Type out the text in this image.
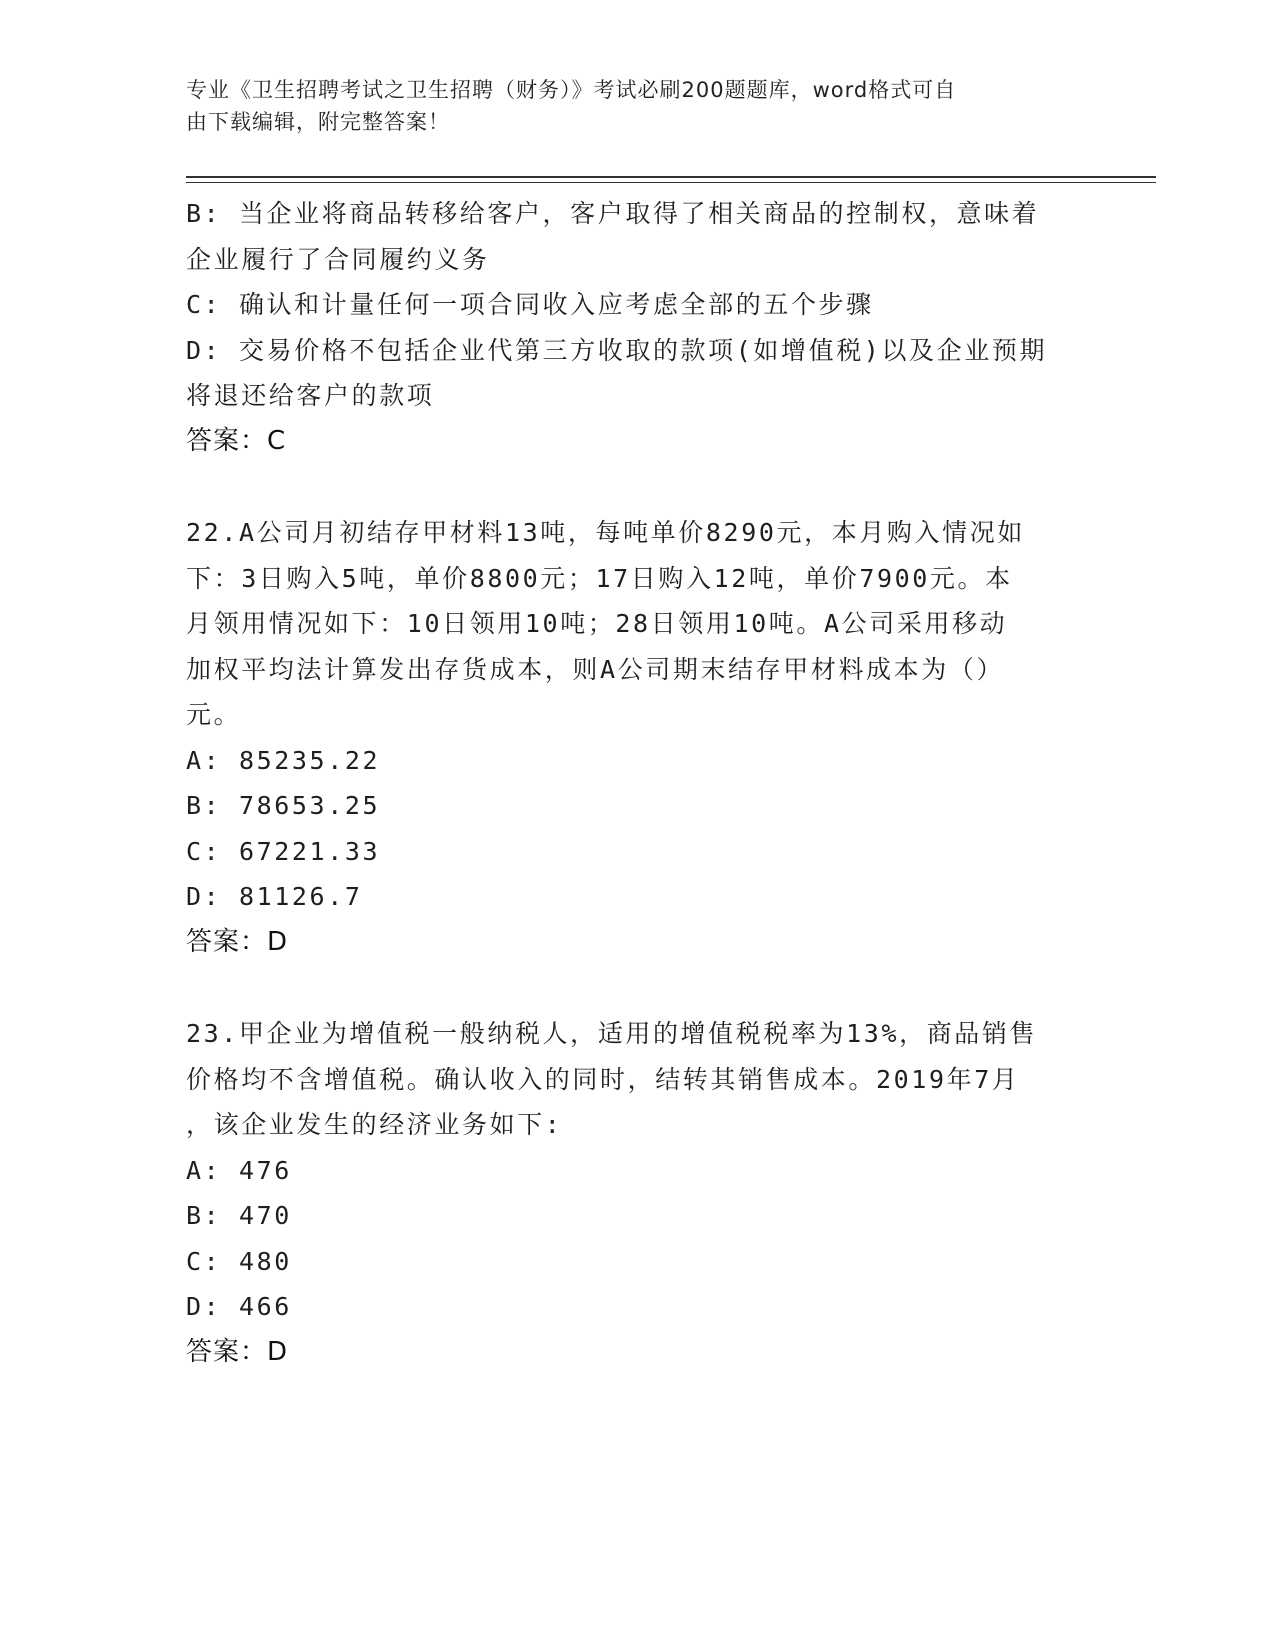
专业《卫生招聘考试之卫生招聘（财务）》考试必刷200题题库，word格式可自
由下载编辑，附完整答案！
B: 当企业将商品转移给客户，客户取得了相关商品的控制权，意味着
企业履行了合同履约义务
C: 确认和计量任何一项合同收入应考虑全部的五个步骤
D: 交易价格不包括企业代第三方收取的款项(如增值税)以及企业预期
将退还给客户的款项
答案：C
22.A公司月初结存甲材料13吨，每吨单价8290元，本月购入情况如
下：3日购入5吨，单价8800元；17日购入12吨，单价7900元。本
月领用情况如下：10日领用10吨；28日领用10吨。A公司采用移动
加权平均法计算发出存货成本，则A公司期末结存甲材料成本为（）
元。
A: 85235.22
B: 78653.25
C: 67221.33
D: 81126.7
答案：D
23.甲企业为增值税一般纳税人，适用的增值税税率为13%，商品销售
价格均不含增值税。确认收入的同时，结转其销售成本。2019年7月
，该企业发生的经济业务如下:
A: 476
B: 470
C: 480
D: 466
答案：D
